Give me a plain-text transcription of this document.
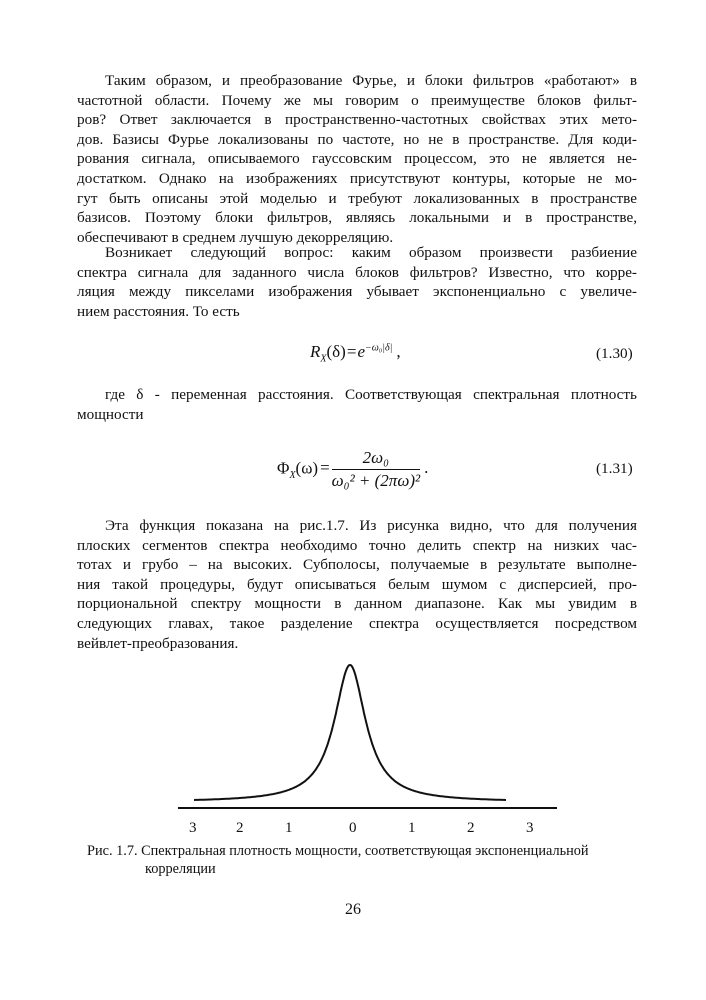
Таким образом, и преобразование Фурье, и блоки фильтров «работают» в
частотной области. Почему же мы говорим о преимуществе блоков фильт-
ров? Ответ заключается в пространственно-частотных свойствах этих мето-
дов. Базисы Фурье локализованы по частоте, но не в пространстве. Для коди-
рования сигнала, описываемого гауссовским процессом, это не является не-
достатком. Однако на изображениях присутствуют контуры, которые не мо-
гут быть описаны этой моделью и требуют локализованных в пространстве
базисов. Поэтому блоки фильтров, являясь локальными и в пространстве,
обеспечивают в среднем лучшую декорреляцию.
Возникает следующий вопрос: каким образом произвести разбиение
спектра сигнала для заданного числа блоков фильтров? Известно, что корре-
ляция между пикселами изображения убывает экспоненциально с увеличе-
нием расстояния. То есть
$R_X(\delta)=e^{-\omega_0|\delta|}$ ,	(1.30)
где δ - переменная расстояния. Соответствующая спектральная плотность
мощности
$\Phi_X(\omega) = \frac{\text{2ω₀}}{\text{ω₀² + (2πω)²}}$ .	(1.31)
Эта функция показана на рис.1.7. Из рисунка видно, что для получения
плоских сегментов спектра необходимо точно делить спектр на низких час-
тотах и грубо – на высоких. Субполосы, получаемые в результате выполне-
ния такой процедуры, будут описываться белым шумом с дисперсией, про-
порциональной спектру мощности в данном диапазоне. Как мы увидим в
следующих главах, такое разделение спектра осуществляется посредством
вейвлет-преобразования.
3	2	1	0	1	2	3
Рис. 1.7. Спектральная плотность мощности, соответствующая экспоненциальной
корреляции
26
